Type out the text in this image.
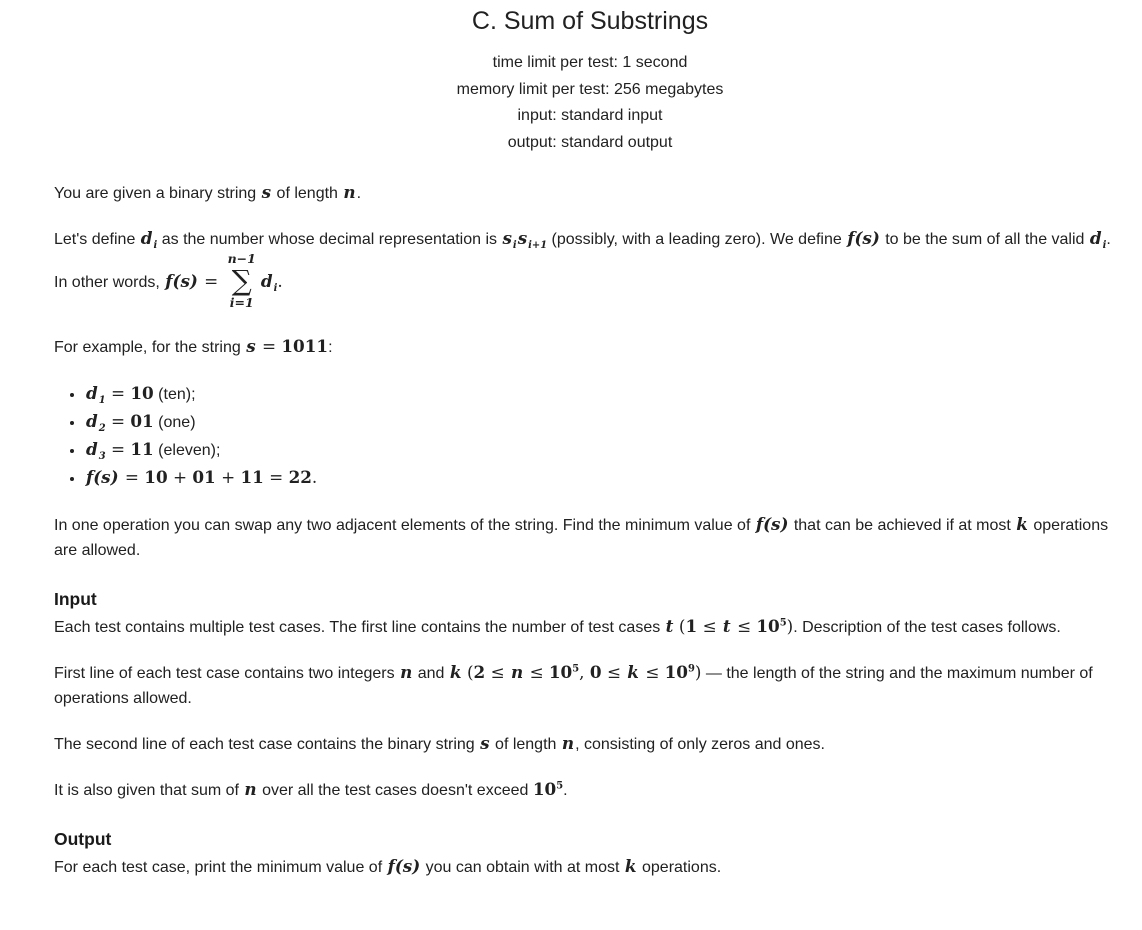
C. Sum of Substrings
time limit per test: 1 second
memory limit per test: 256 megabytes
input: standard input
output: standard output

You are given a binary string s of length n.

Let's define $d_i$ as the number whose decimal representation is $s_is_{i+1}$ (possibly, with a leading zero). We define f(s) to be the sum of all the valid $d_i$. In other words, f(s) =
n−1
∑
i=1
$d_i$.

For example, for the string s = 1011:

• $d_1 = 10$ (ten);
• $d_2 = 01$ (one)
• $d_3 = 11$ (eleven);
• f(s) = 10 + 01 + 11 = 22.

In one operation you can swap any two adjacent elements of the string. Find the minimum value of f(s) that can be achieved if at most k operations are allowed.

Input

Each test contains multiple test cases. The first line contains the number of test cases t $(1 \le t \le 10^5)$. Description of the test cases follows.

First line of each test case contains two integers n and k ($2 \le n \le 10^5$, $0 \le k \le 10^9$) — the length of the string and the maximum number of operations allowed.

The second line of each test case contains the binary string s of length n, consisting of only zeros and ones.

It is also given that sum of n over all the test cases doesn't exceed $10^5$.

Output

For each test case, print the minimum value of f(s) you can obtain with at most k operations.
